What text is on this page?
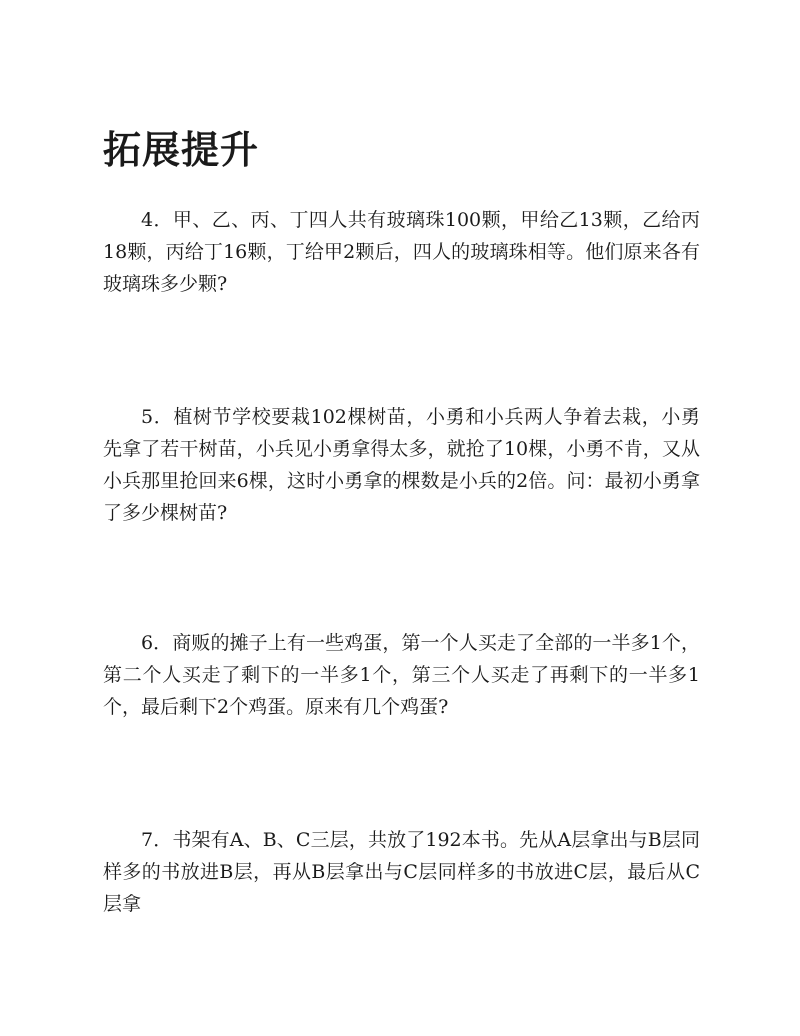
拓展提升

4．甲、乙、丙、丁四人共有玻璃珠100颗，甲给乙13颗，乙给丙18颗，丙给丁16颗，丁给甲2颗后，四人的玻璃珠相等。他们原来各有玻璃珠多少颗?

5．植树节学校要栽102棵树苗，小勇和小兵两人争着去栽，小勇先拿了若干树苗，小兵见小勇拿得太多，就抢了10棵，小勇不肯，又从小兵那里抢回来6棵，这时小勇拿的棵数是小兵的2倍。问：最初小勇拿了多少棵树苗?

6．商贩的摊子上有一些鸡蛋，第一个人买走了全部的一半多1个，第二个人买走了剩下的一半多1个，第三个人买走了再剩下的一半多1个，最后剩下2个鸡蛋。原来有几个鸡蛋?

7．书架有A、B、C三层，共放了192本书。先从A层拿出与B层同样多的书放进B层，再从B层拿出与C层同样多的书放进C层，最后从C层拿
